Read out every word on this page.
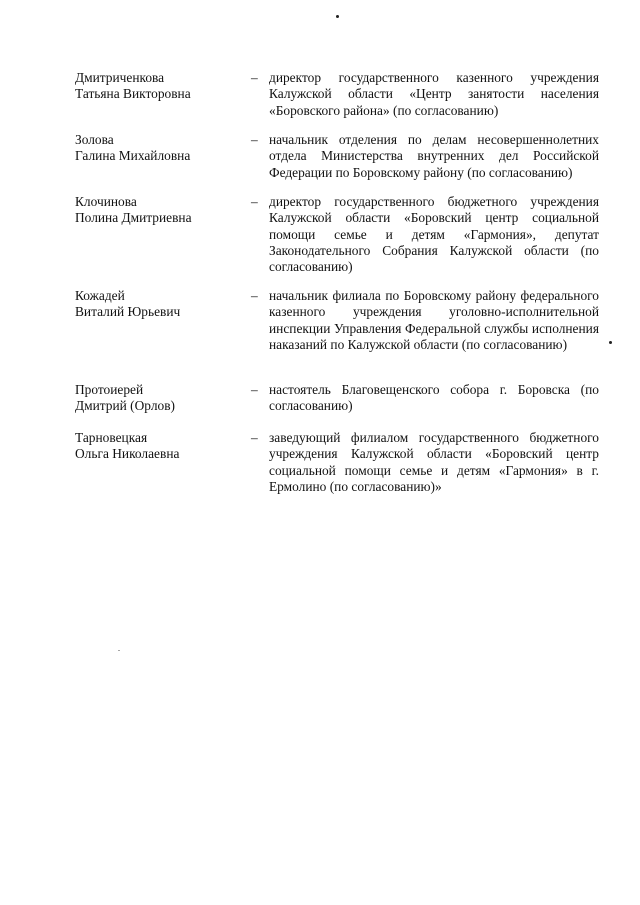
Дмитриченкова
Татьяна Викторовна
– директор государственного казенного учреждения Калужской области «Центр занятости населения «Боровского района» (по согласованию)
Золова
Галина Михайловна
– начальник отделения по делам несовершеннолетних отдела Министерства внутренних дел Российской Федерации по Боровскому району (по согласованию)
Клочинова
Полина Дмитриевна
– директор государственного бюджетного учреждения Калужской области «Боровский центр социальной помощи семье и детям «Гармония», депутат Законодательного Собрания Калужской области (по согласованию)
Кожадей
Виталий Юрьевич
– начальник филиала по Боровскому району федерального казенного учреждения уголовно-исполнительной инспекции Управления Федеральной службы исполнения наказаний по Калужской области (по согласованию)
Протоиерей
Дмитрий (Орлов)
– настоятель Благовещенского собора г. Боровска (по согласованию)
Тарновецкая
Ольга Николаевна
– заведующий филиалом государственного бюджетного учреждения Калужской области «Боровский центр социальной помощи семье и детям «Гармония» в г. Ермолино (по согласованию)»
